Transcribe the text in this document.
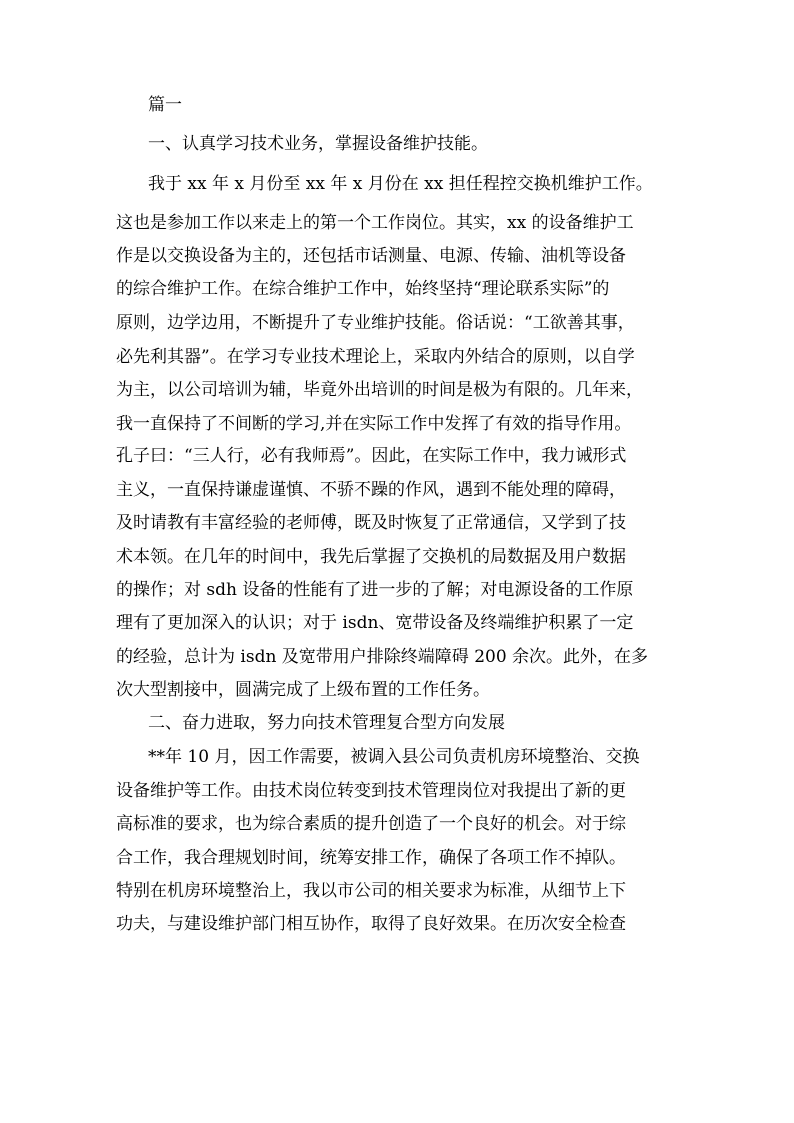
篇一
一、认真学习技术业务，掌握设备维护技能。
我于 xx 年 x 月份至 xx 年 x 月份在 xx 担任程控交换机维护工作。
这也是参加工作以来走上的第一个工作岗位。其实，xx 的设备维护工
作是以交换设备为主的，还包括市话测量、电源、传输、油机等设备
的综合维护工作。在综合维护工作中，始终坚持“理论联系实际”的
原则，边学边用，不断提升了专业维护技能。俗话说：“工欲善其事，
必先利其器”。在学习专业技术理论上，采取内外结合的原则，以自学
为主，以公司培训为辅，毕竟外出培训的时间是极为有限的。几年来，
我一直保持了不间断的学习,并在实际工作中发挥了有效的指导作用。
孔子曰：“三人行，必有我师焉”。因此，在实际工作中，我力诫形式
主义，一直保持谦虚谨慎、不骄不躁的作风，遇到不能处理的障碍，
及时请教有丰富经验的老师傅，既及时恢复了正常通信，又学到了技
术本领。在几年的时间中，我先后掌握了交换机的局数据及用户数据
的操作；对 sdh 设备的性能有了进一步的了解；对电源设备的工作原
理有了更加深入的认识；对于 isdn、宽带设备及终端维护积累了一定
的经验，总计为 isdn 及宽带用户排除终端障碍 200 余次。此外，在多
次大型割接中，圆满完成了上级布置的工作任务。
二、奋力进取，努力向技术管理复合型方向发展
**年 10 月，因工作需要，被调入县公司负责机房环境整治、交换
设备维护等工作。由技术岗位转变到技术管理岗位对我提出了新的更
高标准的要求，也为综合素质的提升创造了一个良好的机会。对于综
合工作，我合理规划时间，统筹安排工作，确保了各项工作不掉队。
特别在机房环境整治上，我以市公司的相关要求为标准，从细节上下
功夫，与建设维护部门相互协作，取得了良好效果。在历次安全检查
